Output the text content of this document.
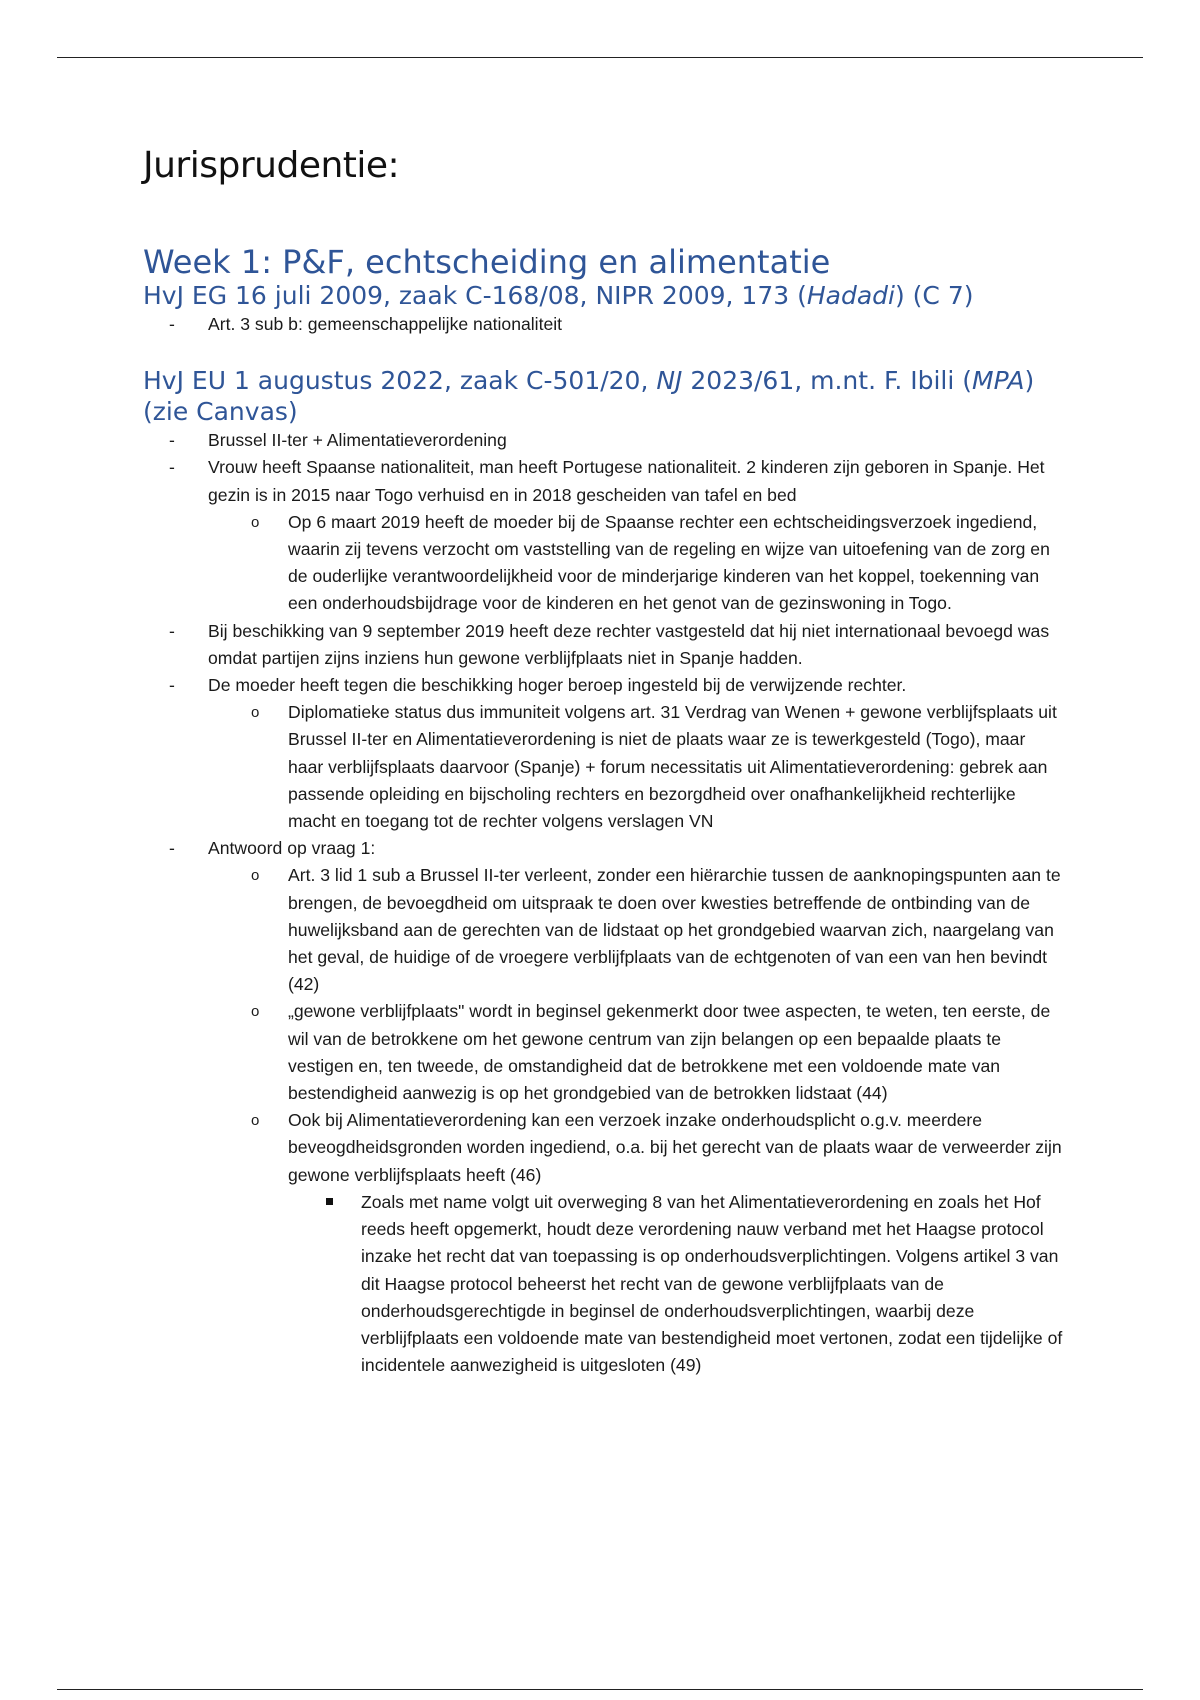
Jurisprudentie:
Week 1: P&F, echtscheiding en alimentatie
HvJ EG 16 juli 2009, zaak C-168/08, NIPR 2009, 173 (Hadadi) (C 7)
-	Art. 3 sub b: gemeenschappelijke nationaliteit
HvJ EU 1 augustus 2022, zaak C-501/20, NJ 2023/61, m.nt. F. Ibili (MPA) (zie Canvas)
-	Brussel II-ter + Alimentatieverordening
-	Vrouw heeft Spaanse nationaliteit, man heeft Portugese nationaliteit. 2 kinderen zijn geboren in Spanje. Het gezin is in 2015 naar Togo verhuisd en in 2018 gescheiden van tafel en bed
o Op 6 maart 2019 heeft de moeder bij de Spaanse rechter een echtscheidingsverzoek ingediend, waarin zij tevens verzocht om vaststelling van de regeling en wijze van uitoefening van de zorg en de ouderlijke verantwoordelijkheid voor de minderjarige kinderen van het koppel, toekenning van een onderhoudsbijdrage voor de kinderen en het genot van de gezinswoning in Togo.
-	Bij beschikking van 9 september 2019 heeft deze rechter vastgesteld dat hij niet internationaal bevoegd was omdat partijen zijns inziens hun gewone verblijfplaats niet in Spanje hadden.
-	De moeder heeft tegen die beschikking hoger beroep ingesteld bij de verwijzende rechter.
o Diplomatieke status dus immuniteit volgens art. 31 Verdrag van Wenen + gewone verblijfsplaats uit Brussel II-ter en Alimentatieverordening is niet de plaats waar ze is tewerkgesteld (Togo), maar haar verblijfsplaats daarvoor (Spanje) + forum necessitatis uit Alimentatieverordening: gebrek aan passende opleiding en bijscholing rechters en bezorgdheid over onafhankelijkheid rechterlijke macht en toegang tot de rechter volgens verslagen VN
-	Antwoord op vraag 1:
o Art. 3 lid 1 sub a Brussel II-ter verleent, zonder een hiërarchie tussen de aanknopingspunten aan te brengen, de bevoegdheid om uitspraak te doen over kwesties betreffende de ontbinding van de huwelijksband aan de gerechten van de lidstaat op het grondgebied waarvan zich, naargelang van het geval, de huidige of de vroegere verblijfplaats van de echtgenoten of van een van hen bevindt (42)
o „gewone verblijfplaats" wordt in beginsel gekenmerkt door twee aspecten, te weten, ten eerste, de wil van de betrokkene om het gewone centrum van zijn belangen op een bepaalde plaats te vestigen en, ten tweede, de omstandigheid dat de betrokkene met een voldoende mate van bestendigheid aanwezig is op het grondgebied van de betrokken lidstaat (44)
o Ook bij Alimentatieverordening kan een verzoek inzake onderhoudsplicht o.g.v. meerdere beveogdheidsgronden worden ingediend, o.a. bij het gerecht van de plaats waar de verweerder zijn gewone verblijfsplaats heeft (46)
Zoals met name volgt uit overweging 8 van het Alimentatieverordening en zoals het Hof reeds heeft opgemerkt, houdt deze verordening nauw verband met het Haagse protocol inzake het recht dat van toepassing is op onderhoudsverplichtingen. Volgens artikel 3 van dit Haagse protocol beheerst het recht van de gewone verblijfplaats van de onderhoudsgerechtigde in beginsel de onderhoudsverplichtingen, waarbij deze verblijfplaats een voldoende mate van bestendigheid moet vertonen, zodat een tijdelijke of incidentele aanwezigheid is uitgesloten (49)
